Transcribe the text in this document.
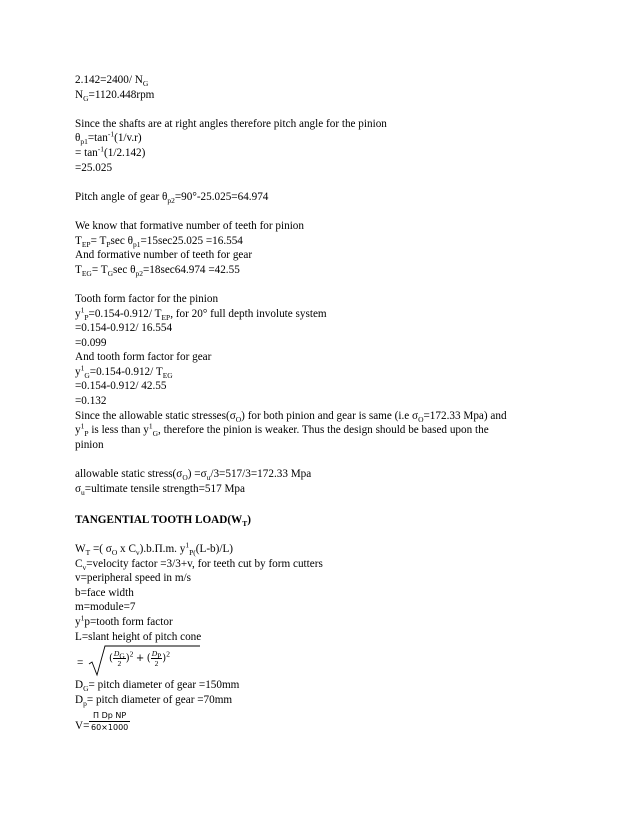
2.142=2400/ $N_G$
$N_G=1120.448rpm$
Since the shafts are at right angles therefore pitch angle for the pinion
$\theta_{p1}=\tan^{-1}(1/v.r)$
= $\tan^{-1}(1/2.142)$
=25.025
Pitch angle of gear $\theta_{p2}=90^\circ-25.025=64.974$
We know that formative number of teeth for pinion
$T_{EP}= T_P\sec$ $\theta_{p1}=15\sec 25.025 =16.554$
And formative number of teeth for gear
$T_{EG}= T_G\sec$ $\theta_{p2}=18\sec 64.974 =42.55$
Tooth form factor for the pinion
$y^1_P=0.154-0.912/$ $T_{EP}$, for 20° full depth involute system
=0.154-0.912/ 16.554
=0.099
And tooth form factor for gear
$y^1_G=0.154-0.912/$ $T_{EG}$
=0.154-0.912/ 42.55
=0.132
Since the allowable static $stresses(\sigma_O)$ for both pinion and gear is same (i.e $\sigma_O=172.33$ Mpa) and
$y^1_P$ is less than $y^1_G$, therefore the pinion is weaker. Thus the design should be based upon the
pinion
allowable static $stress(\sigma_O) =\sigma_u/3=517/3=172.33$ Mpa
$\sigma_u=ultimate$ tensile strength=517 Mpa
TANGENTIAL TOOTH $LOAD(W_T)$
$W_T$ =( $\sigma_O$ x $C_v).b.\Pi.m$. $y^1_{P(}(L-b)/L$)
$C_v=velocity$ factor =3/3+v, for teeth cut by form cutters
v=peripheral speed in m/s
b=face width
m=module=7
$y^1p=tooth$ form factor
L=slant height of pitch cone
=	( $\frac{D_G}{2} )^2$ + ( $\frac{D_P}{2} )^2$
$D_G=$ pitch diameter of gear =150mm
$D_p=$ pitch diameter of gear =70mm
$V= \frac{\text{Π Dp NP}}{60\times 1000}$
